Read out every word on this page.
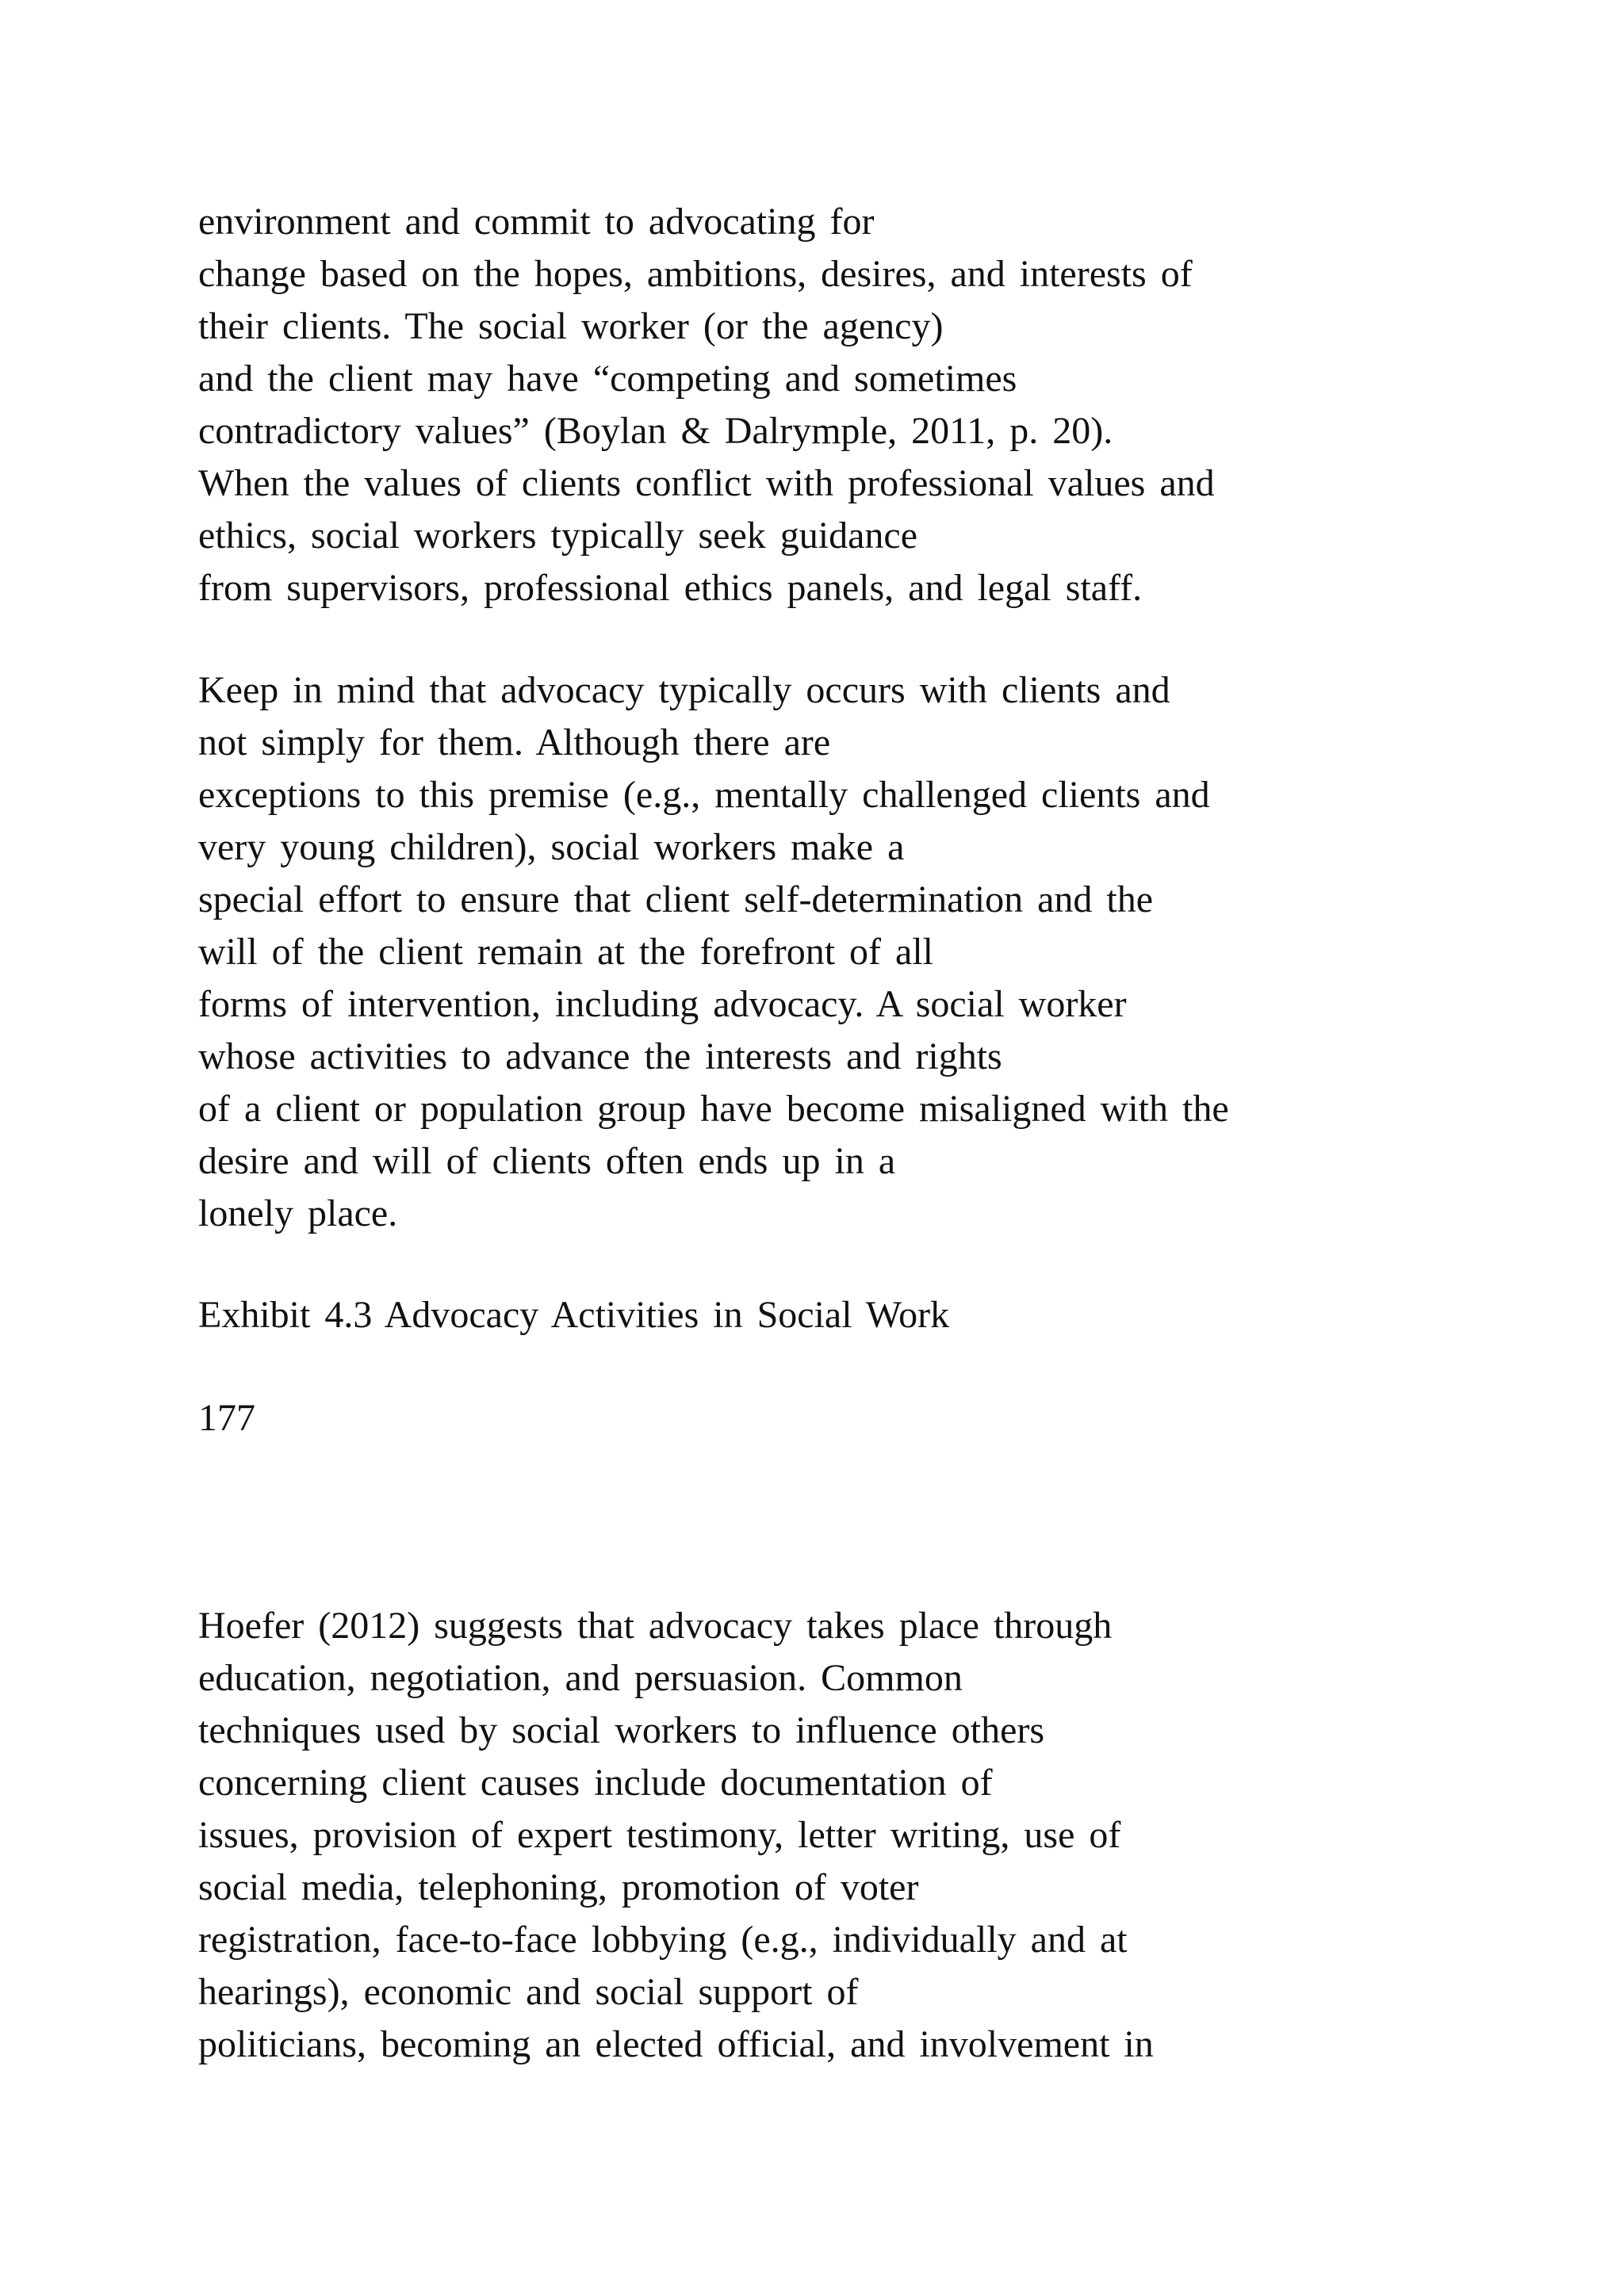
environment and commit to advocating for
change based on the hopes, ambitions, desires, and interests of
their clients. The social worker (or the agency)
and the client may have “competing and sometimes
contradictory values” (Boylan & Dalrymple, 2011, p. 20).
When the values of clients conflict with professional values and
ethics, social workers typically seek guidance
from supervisors, professional ethics panels, and legal staff.
Keep in mind that advocacy typically occurs with clients and
not simply for them. Although there are
exceptions to this premise (e.g., mentally challenged clients and
very young children), social workers make a
special effort to ensure that client self-determination and the
will of the client remain at the forefront of all
forms of intervention, including advocacy. A social worker
whose activities to advance the interests and rights
of a client or population group have become misaligned with the
desire and will of clients often ends up in a
lonely place.
Exhibit 4.3 Advocacy Activities in Social Work
177
Hoefer (2012) suggests that advocacy takes place through
education, negotiation, and persuasion. Common
techniques used by social workers to influence others
concerning client causes include documentation of
issues, provision of expert testimony, letter writing, use of
social media, telephoning, promotion of voter
registration, face-to-face lobbying (e.g., individually and at
hearings), economic and social support of
politicians, becoming an elected official, and involvement in
